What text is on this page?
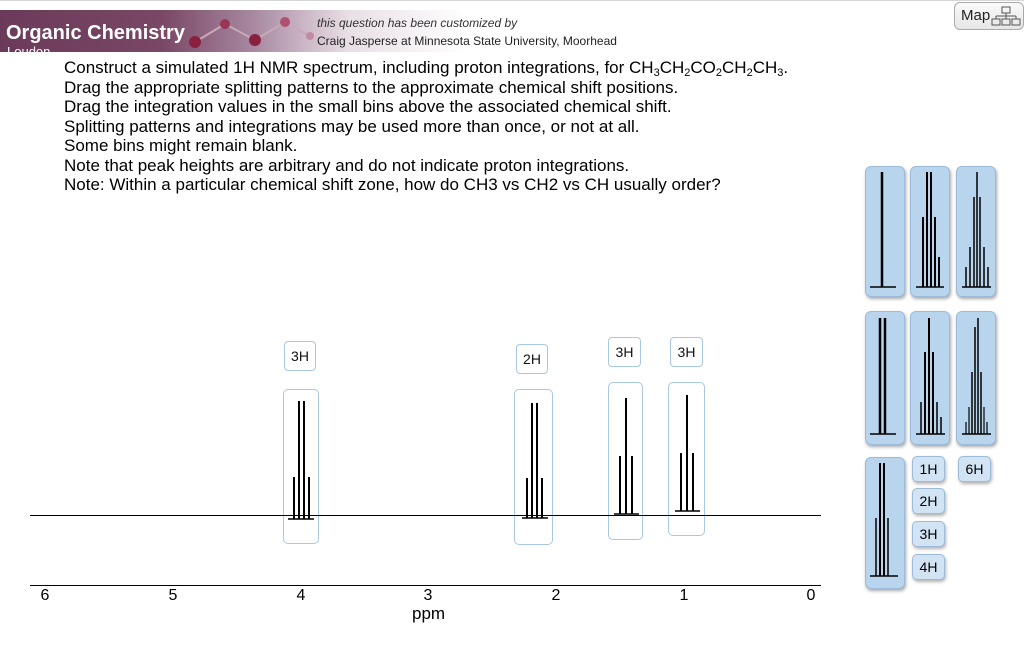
Organic Chemistry
Loudon
this question has been customized by
Craig Jasperse at Minnesota State University, Moorhead
Map
Construct a simulated 1H NMR spectrum, including proton integrations, for $CH_3CH_2CO_2CH_2CH_3$.
Drag the appropriate splitting patterns to the approximate chemical shift positions.
Drag the integration values in the small bins above the associated chemical shift.
Splitting patterns and integrations may be used more than once, or not at all.
Some bins might remain blank.
Note that peak heights are arbitrary and do not indicate proton integrations.
Note: Within a particular chemical shift zone, how do CH3 vs CH2 vs CH usually order?
3H	2H	3H	3H
6	5	4	3	2	1	0
ppm
1H	6H
2H
3H
4H
